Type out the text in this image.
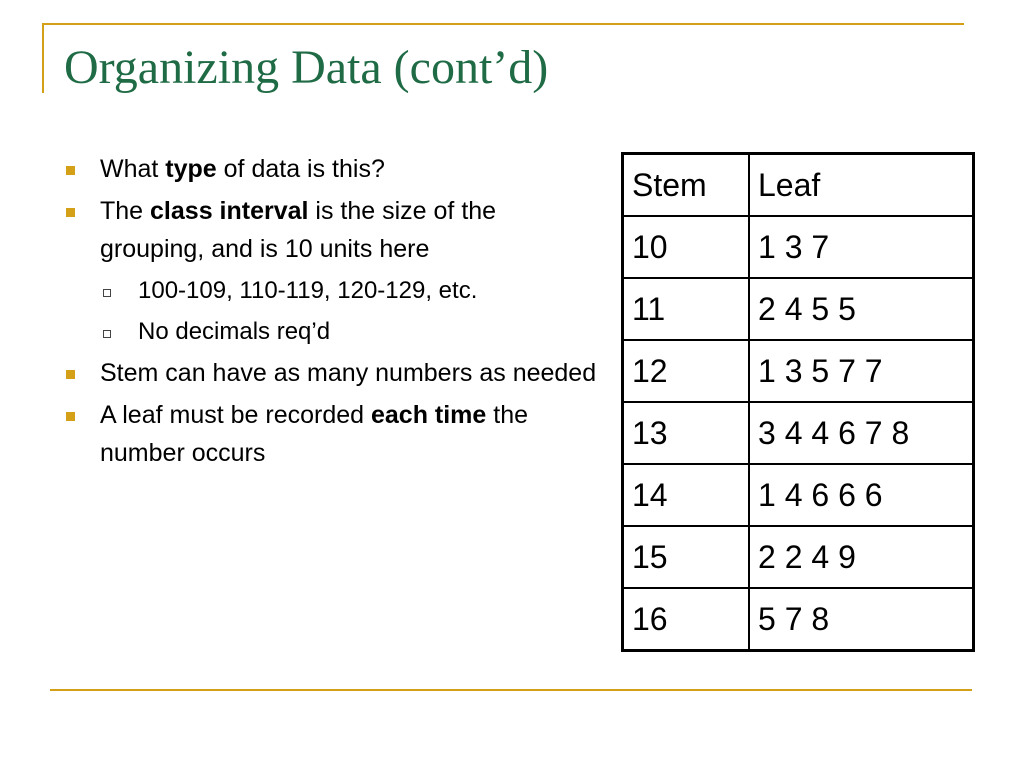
Organizing Data (cont’d)
What type of data is this?
The class interval is the size of the grouping, and is 10 units here
100-109, 110-119, 120-129, etc.
No decimals req’d
Stem can have as many numbers as needed
A leaf must be recorded each time the number occurs
Stem	Leaf
10	1 3 7
11	2 4 5 5
12	1 3 5 7 7
13	3 4 4 6 7 8
14	1 4 6 6 6
15	2 2 4 9
16	5 7 8
